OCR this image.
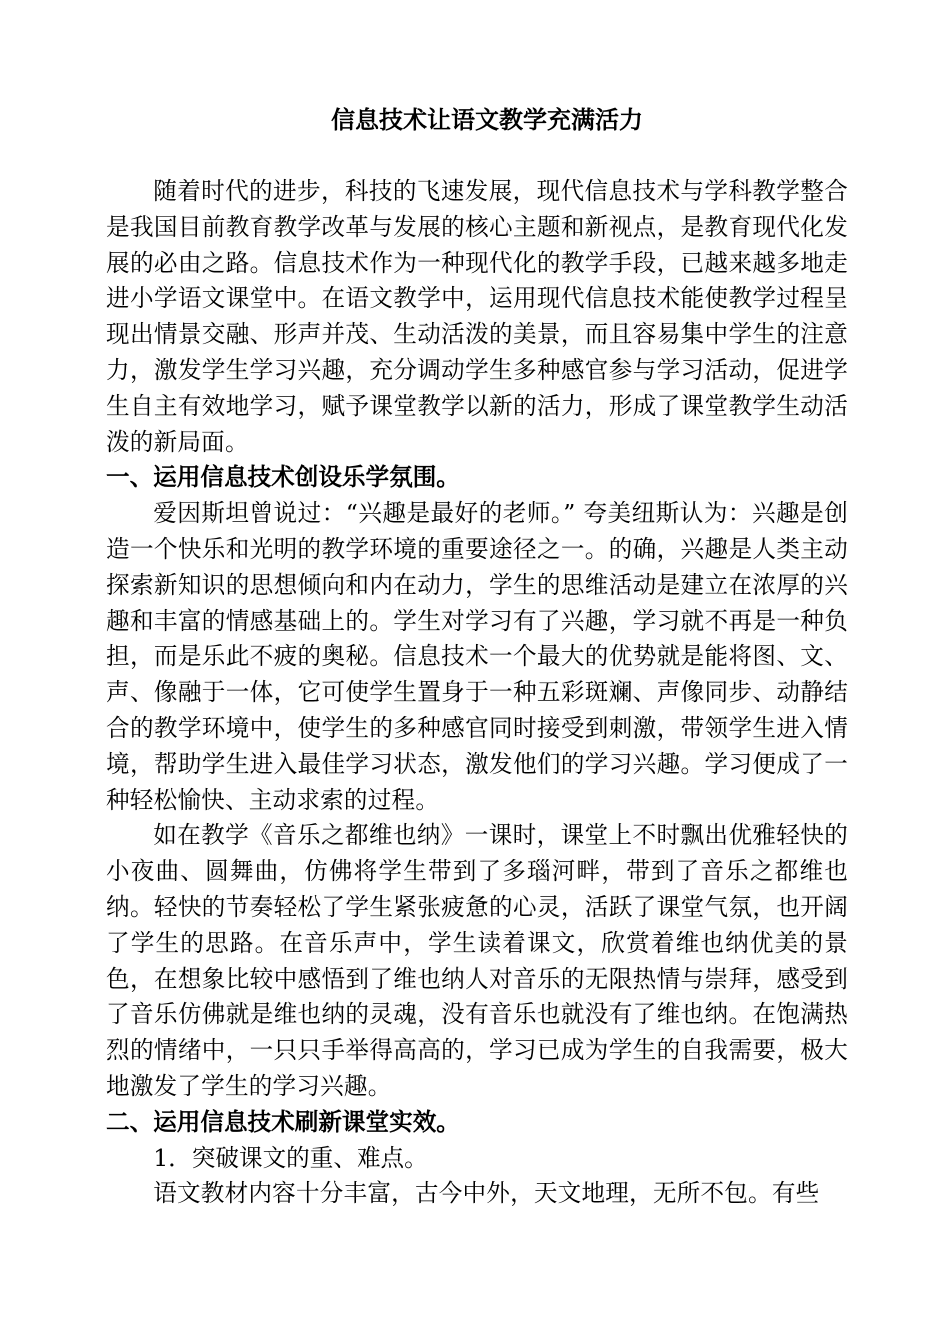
信息技术让语文教学充满活力

随着时代的进步，科技的飞速发展，现代信息技术与学科教学整合是我国目前教育教学改革与发展的核心主题和新视点，是教育现代化发展的必由之路。信息技术作为一种现代化的教学手段，已越来越多地走进小学语文课堂中。在语文教学中，运用现代信息技术能使教学过程呈现出情景交融、形声并茂、生动活泼的美景，而且容易集中学生的注意力，激发学生学习兴趣，充分调动学生多种感官参与学习活动，促进学生自主有效地学习，赋予课堂教学以新的活力，形成了课堂教学生动活泼的新局面。

一、运用信息技术创设乐学氛围。

爱因斯坦曾说过：“兴趣是最好的老师。” 夸美纽斯认为：兴趣是创造一个快乐和光明的教学环境的重要途径之一。的确，兴趣是人类主动探索新知识的思想倾向和内在动力，学生的思维活动是建立在浓厚的兴趣和丰富的情感基础上的。学生对学习有了兴趣，学习就不再是一种负担，而是乐此不疲的奥秘。信息技术一个最大的优势就是能将图、文、声、像融于一体，它可使学生置身于一种五彩斑斓、声像同步、动静结合的教学环境中，使学生的多种感官同时接受到刺激，带领学生进入情境，帮助学生进入最佳学习状态，激发他们的学习兴趣。学习便成了一种轻松愉快、主动求索的过程。

如在教学《音乐之都维也纳》一课时，课堂上不时飘出优雅轻快的小夜曲、圆舞曲，仿佛将学生带到了多瑙河畔，带到了音乐之都维也纳。轻快的节奏轻松了学生紧张疲惫的心灵，活跃了课堂气氛，也开阔了学生的思路。在音乐声中，学生读着课文，欣赏着维也纳优美的景色，在想象比较中感悟到了维也纳人对音乐的无限热情与崇拜，感受到了音乐仿佛就是维也纳的灵魂，没有音乐也就没有了维也纳。在饱满热烈的情绪中，一只只手举得高高的，学习已成为学生的自我需要，极大地激发了学生的学习兴趣。

二、运用信息技术刷新课堂实效。

1．突破课文的重、难点。

语文教材内容十分丰富，古今中外，天文地理，无所不包。有些
